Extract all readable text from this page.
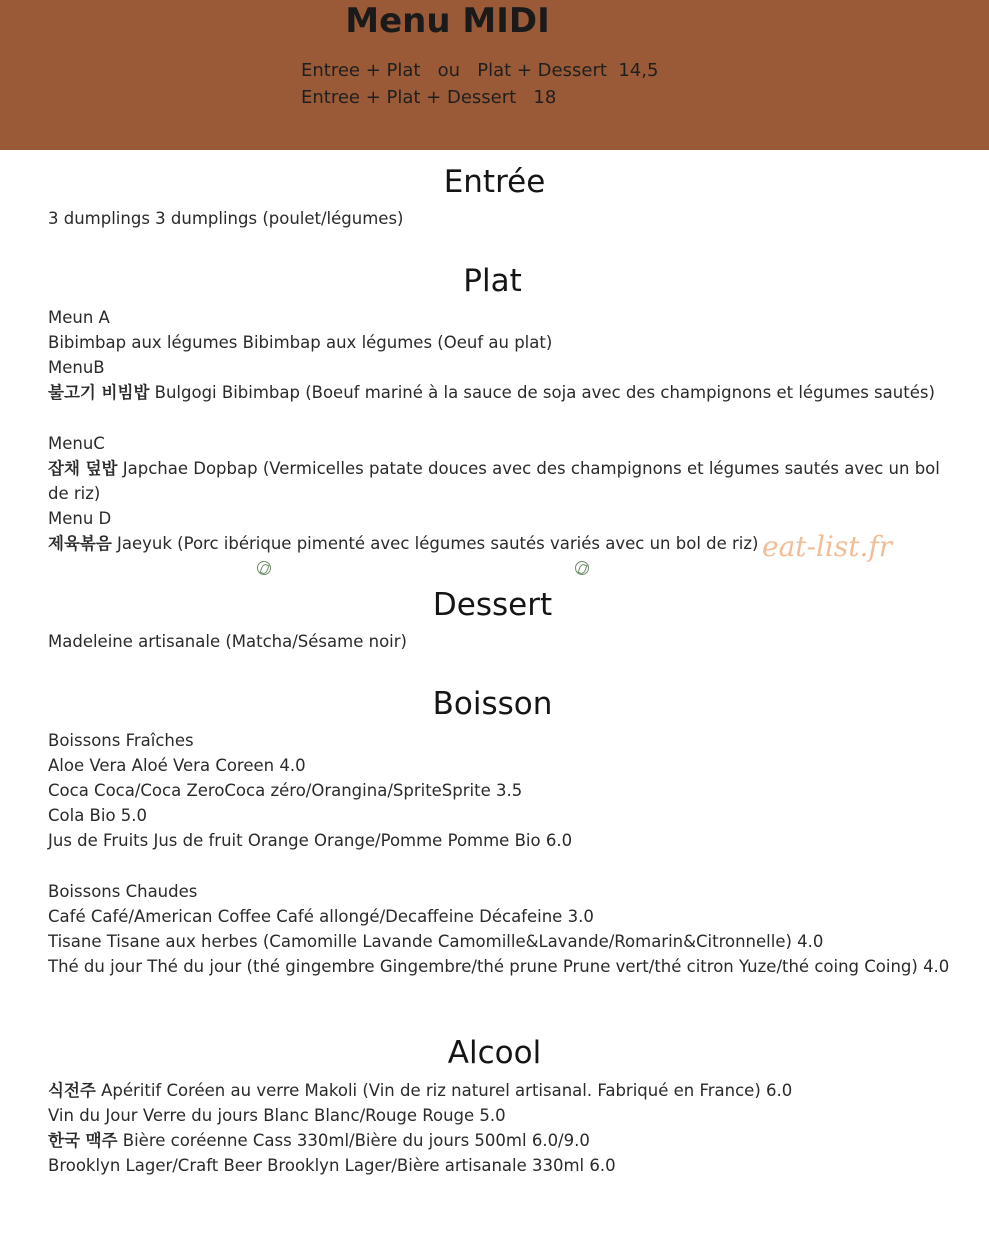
Menu MIDI
Entree + Plat   ou   Plat + Dessert  14,5
Entree + Plat + Dessert   18
Entrée
3 dumplings 3 dumplings (poulet/légumes)
Plat
Meun A
Bibimbap aux légumes Bibimbap aux légumes (Oeuf au plat)
MenuB
불고기 비빔밥 Bulgogi Bibimbap (Boeuf mariné à la sauce de soja avec des champignons et légumes sautés)
MenuC
잡채 덮밥 Japchae Dopbap (Vermicelles patate douces avec des champignons et légumes sautés avec un bol de riz)
Menu D
제육볶음 Jaeyuk (Porc ibérique pimenté avec légumes sautés variés avec un bol de riz) eat-list.fr
Dessert
Madeleine artisanale (Matcha/Sésame noir)
Boisson
Boissons Fraîches
Aloe Vera Aloé Vera Coreen 4.0
Coca Coca/Coca ZeroCoca zéro/Orangina/SpriteSprite 3.5
Cola Bio 5.0
Jus de Fruits Jus de fruit Orange Orange/Pomme Pomme Bio 6.0
Boissons Chaudes
Café Café/American Coffee Café allongé/Decaffeine Décafeine 3.0
Tisane Tisane aux herbes (Camomille Lavande Camomille&Lavande/Romarin&Citronnelle) 4.0
Thé du jour Thé du jour (thé gingembre Gingembre/thé prune Prune vert/thé citron Yuze/thé coing Coing) 4.0
Alcool
식전주 Apéritif Coréen au verre Makoli (Vin de riz naturel artisanal. Fabriqué en France) 6.0
Vin du Jour Verre du jours Blanc Blanc/Rouge Rouge 5.0
한국 맥주 Bière coréenne Cass 330ml/Bière du jours 500ml 6.0/9.0
Brooklyn Lager/Craft Beer Brooklyn Lager/Bière artisanale 330ml 6.0
